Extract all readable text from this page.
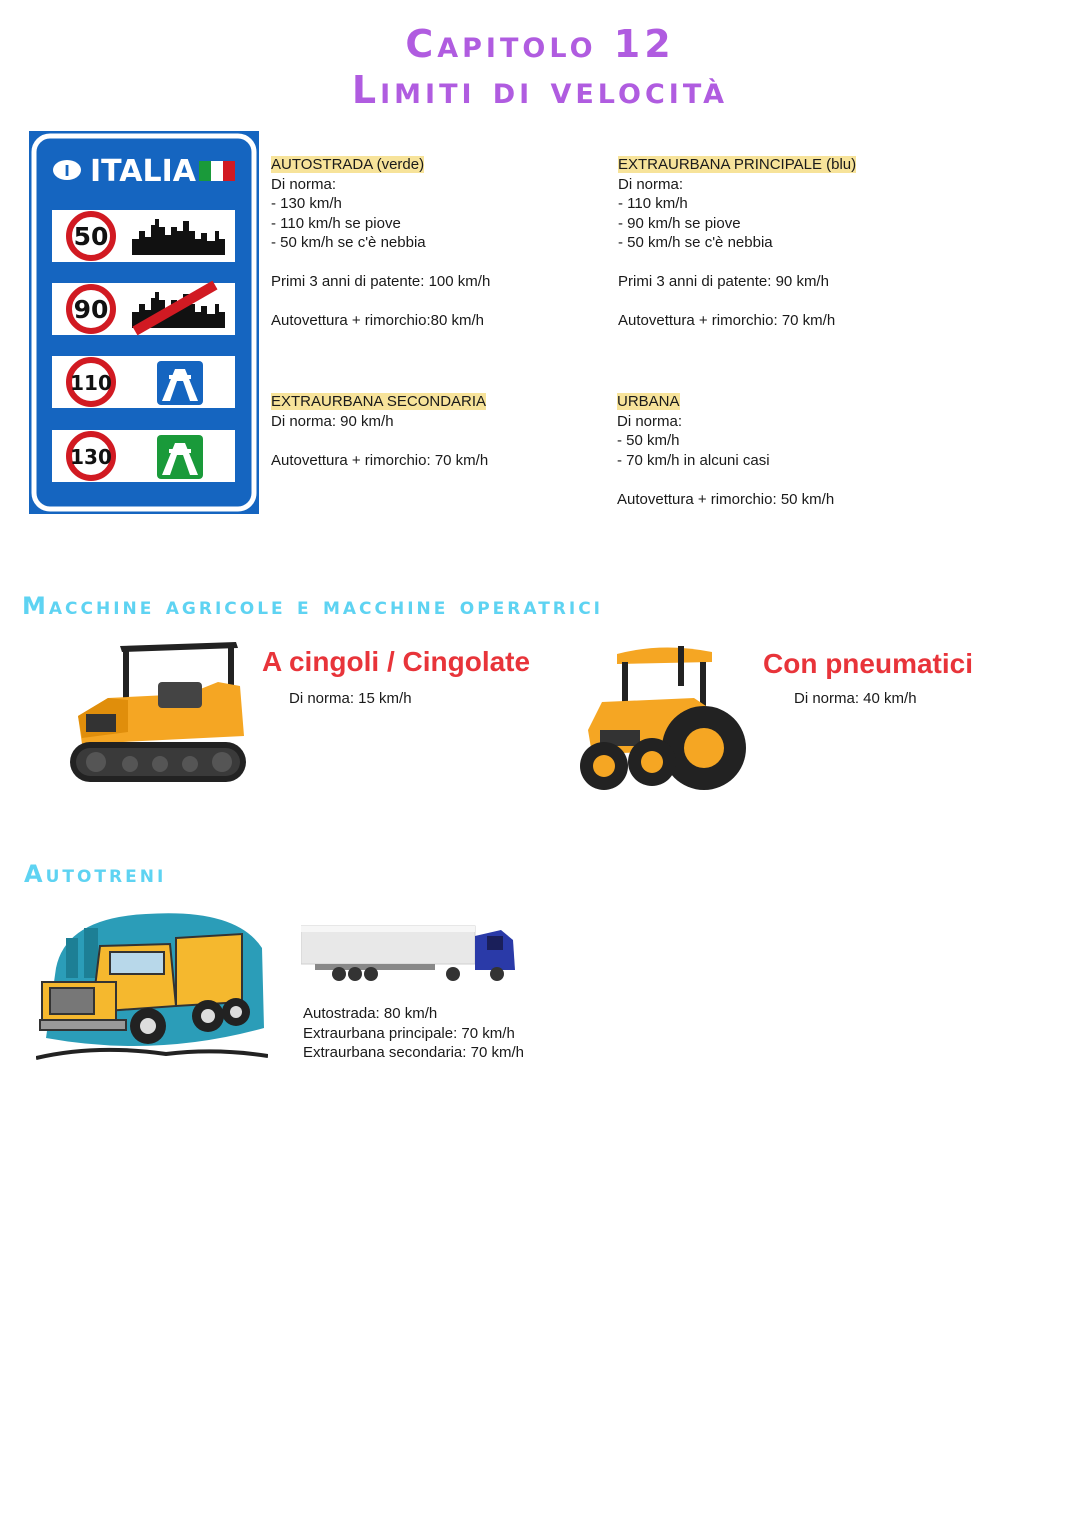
Capitolo 12
Limiti di velocità
I ITALIA
50
90
110
130

AUTOSTRADA (verde)

Di norma:

- 130 km/h

- 110 km/h se piove

- 50 km/h se c'è nebbia

Primi 3 anni di patente: 100 km/h

Autovettura + rimorchio:80 km/h

EXTRAURBANA PRINCIPALE (blu)

Di norma:

- 110 km/h

- 90 km/h se piove

- 50 km/h se c'è nebbia

Primi 3 anni di patente: 90 km/h

Autovettura + rimorchio: 70 km/h

EXTRAURBANA SECONDARIA

Di norma: 90 km/h

Autovettura + rimorchio: 70 km/h

URBANA

Di norma:

- 50 km/h

- 70 km/h in alcuni casi

Autovettura + rimorchio: 50 km/h

Macchine agricole e macchine operatrici
A cingoli / Cingolate

Di norma: 15 km/h

Con pneumatici

Di norma: 40 km/h

Autotreni

Autostrada: 80 km/h

Extraurbana principale: 70 km/h

Extraurbana secondaria: 70 km/h
